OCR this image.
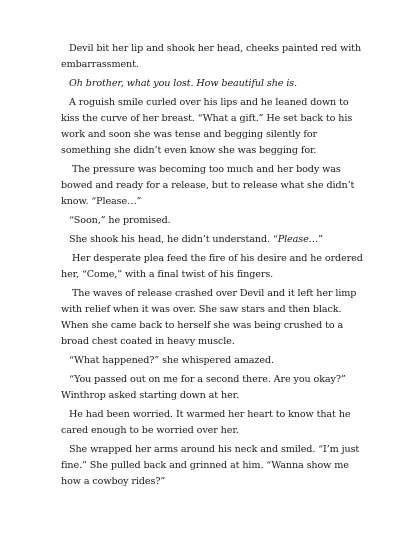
Devil bit her lip and shook her head, cheeks painted red with embarrassment.

Oh brother, what you lost. How beautiful she is.

A roguish smile curled over his lips and he leaned down to kiss the curve of her breast. “What a gift.” He set back to his work and soon she was tense and begging silently for something she didn’t even know she was begging for.

The pressure was becoming too much and her body was bowed and ready for a release, but to release what she didn’t know. “Please…”

“Soon,” he promised.

She shook his head, he didn’t understand. “Please…”

Her desperate plea feed the fire of his desire and he ordered her, “Come,” with a final twist of his fingers.

The waves of release crashed over Devil and it left her limp with relief when it was over. She saw stars and then black. When she came back to herself she was being crushed to a broad chest coated in heavy muscle.

“What happened?” she whispered amazed.

“You passed out on me for a second there. Are you okay?” Winthrop asked starting down at her.

He had been worried. It warmed her heart to know that he cared enough to be worried over her.

She wrapped her arms around his neck and smiled. “I’m just fine.” She pulled back and grinned at him. “Wanna show me how a cowboy rides?”
